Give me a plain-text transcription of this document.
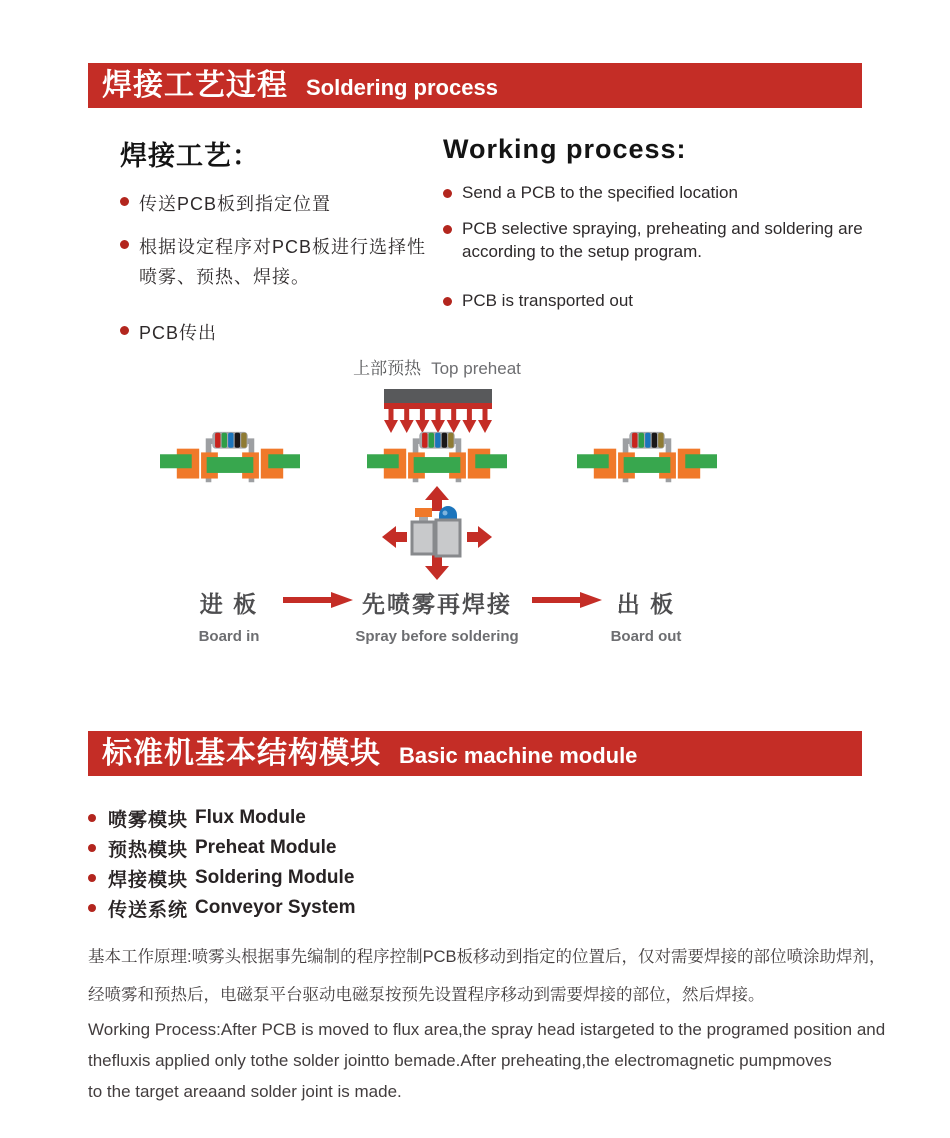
焊接工艺过程 Soldering process
焊接工艺：
传送PCB板到指定位置
根据设定程序对PCB板进行选择性
喷雾、预热、焊接。
PCB传出
Working process:
Send a PCB to the specified location
PCB selective spraying, preheating and soldering are
according to the setup program.
PCB is transported out
上部预热 Top preheat
进 板
Board in
先喷雾再焊接
Spray before soldering
出 板
Board out
标准机基本结构模块 Basic machine module
喷雾模块 Flux Module
预热模块 Preheat Module
焊接模块 Soldering Module
传送系统 Conveyor System
基本工作原理:喷雾头根据事先编制的程序控制PCB板移动到指定的位置后，仅对需要焊接的部位喷涂助焊剂，
经喷雾和预热后，电磁泵平台驱动电磁泵按预先设置程序移动到需要焊接的部位，然后焊接。
Working Process:After PCB is moved to flux area,the spray head istargeted to the programed position and
thefluxis applied only tothe solder jointto bemade.After preheating,the electromagnetic pumpmoves
to the target areaand solder joint is made.
